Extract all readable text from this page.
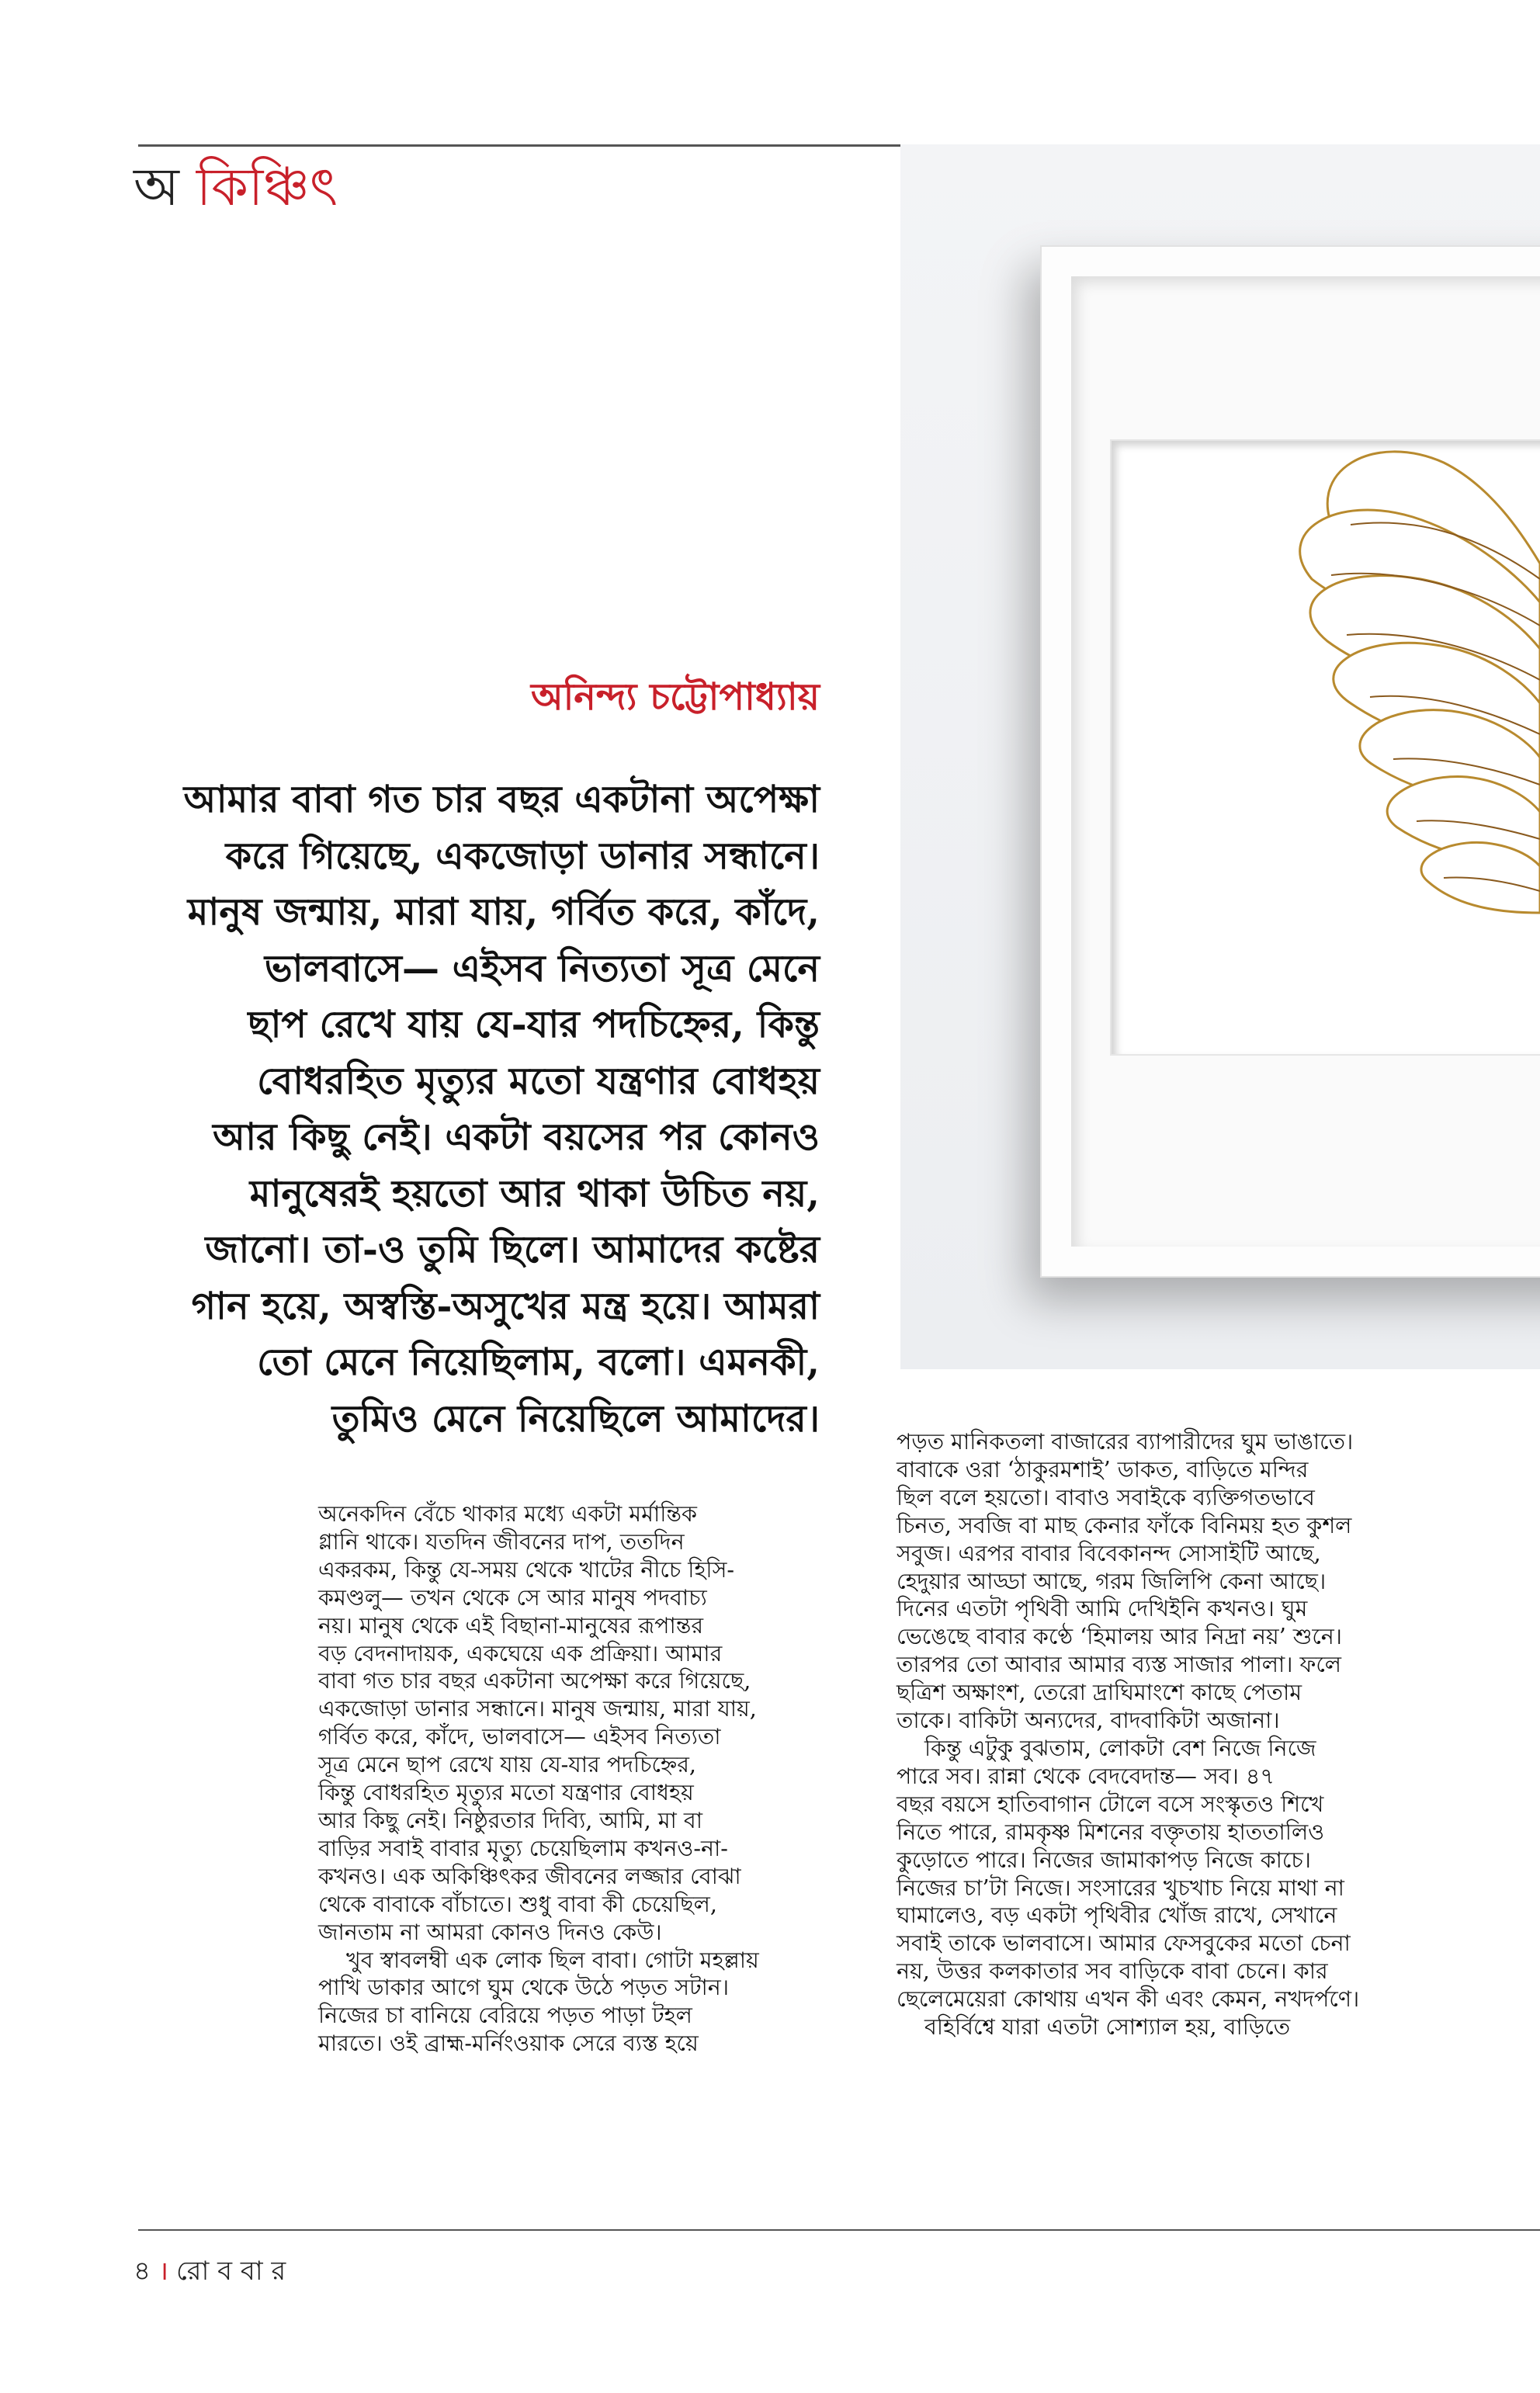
অ কিঞ্চিৎ
অনিন্দ্য চট্টোপাধ্যায়
আমার বাবা গত চার বছর একটানা অপেক্ষা
করে গিয়েছে, একজোড়া ডানার সন্ধানে।
মানুষ জন্মায়, মারা যায়, গর্বিত করে, কাঁদে,
ভালবাসে— এইসব নিত্যতা সূত্র মেনে
ছাপ রেখে যায় যে-যার পদচিহ্নের, কিন্তু
বোধরহিত মৃত্যুর মতো যন্ত্রণার বোধহয়
আর কিছু নেই। একটা বয়সের পর কোনও
মানুষেরই হয়তো আর থাকা উচিত নয়,
জানো। তা-ও তুমি ছিলে। আমাদের কষ্টের
গান হয়ে, অস্বস্তি-অসুখের মন্ত্র হয়ে। আমরা
তো মেনে নিয়েছিলাম, বলো। এমনকী,
তুমিও মেনে নিয়েছিলে আমাদের।
অনেকদিন বেঁচে থাকার মধ্যে একটা মর্মান্তিক
গ্লানি থাকে। যতদিন জীবনের দাপ, ততদিন
একরকম, কিন্তু যে-সময় থেকে খাটের নীচে হিসি-
কমণ্ডলু— তখন থেকে সে আর মানুষ পদবাচ্য
নয়। মানুষ থেকে এই বিছানা-মানুষের রূপান্তর
বড় বেদনাদায়ক, একঘেয়ে এক প্রক্রিয়া। আমার
বাবা গত চার বছর একটানা অপেক্ষা করে গিয়েছে,
একজোড়া ডানার সন্ধানে। মানুষ জন্মায়, মারা যায়,
গর্বিত করে, কাঁদে, ভালবাসে— এইসব নিত্যতা
সূত্র মেনে ছাপ রেখে যায় যে-যার পদচিহ্নের,
কিন্তু বোধরহিত মৃত্যুর মতো যন্ত্রণার বোধহয়
আর কিছু নেই। নিষ্ঠুরতার দিব্যি, আমি, মা বা
বাড়ির সবাই বাবার মৃত্যু চেয়েছিলাম কখনও-না-
কখনও। এক অকিঞ্চিৎকর জীবনের লজ্জার বোঝা
থেকে বাবাকে বাঁচাতে। শুধু বাবা কী চেয়েছিল,
জানতাম না আমরা কোনও দিনও কেউ।
খুব স্বাবলম্বী এক লোক ছিল বাবা। গোটা মহল্লায়
পাখি ডাকার আগে ঘুম থেকে উঠে পড়ত সটান।
নিজের চা বানিয়ে বেরিয়ে পড়ত পাড়া টহল
মারতে। ওই ব্রাহ্ম-মর্নিংওয়াক সেরে ব্যস্ত হয়ে
পড়ত মানিকতলা বাজারের ব্যাপারীদের ঘুম ভাঙাতে।
বাবাকে ওরা ‘ঠাকুরমশাই’ ডাকত, বাড়িতে মন্দির
ছিল বলে হয়তো। বাবাও সবাইকে ব্যক্তিগতভাবে
চিনত, সবজি বা মাছ কেনার ফাঁকে বিনিময় হত কুশল
সবুজ। এরপর বাবার বিবেকানন্দ সোসাইটি আছে,
হেদুয়ার আড্ডা আছে, গরম জিলিপি কেনা আছে।
দিনের এতটা পৃথিবী আমি দেখিইনি কখনও। ঘুম
ভেঙেছে বাবার কণ্ঠে ‘হিমালয় আর নিদ্রা নয়’ শুনে।
তারপর তো আবার আমার ব্যস্ত সাজার পালা। ফলে
ছত্রিশ অক্ষাংশ, তেরো দ্রাঘিমাংশে কাছে পেতাম
তাকে। বাকিটা অন্যদের, বাদবাকিটা অজানা।
কিন্তু এটুকু বুঝতাম, লোকটা বেশ নিজে নিজে
পারে সব। রান্না থেকে বেদবেদান্ত— সব। ৪৭
বছর বয়সে হাতিবাগান টোলে বসে সংস্কৃতও শিখে
নিতে পারে, রামকৃষ্ণ মিশনের বক্তৃতায় হাততালিও
কুড়োতে পারে। নিজের জামাকাপড় নিজে কাচে।
নিজের চা’টা নিজে। সংসারের খুচখাচ নিয়ে মাথা না
ঘামালেও, বড় একটা পৃথিবীর খোঁজ রাখে, সেখানে
সবাই তাকে ভালবাসে। আমার ফেসবুকের মতো চেনা
নয়, উত্তর কলকাতার সব বাড়িকে বাবা চেনে। কার
ছেলেমেয়েরা কোথায় এখন কী এবং কেমন, নখদর্পণে।
বহির্বিশ্বে যারা এতটা সোশ্যাল হয়, বাড়িতে
৪ । রো ব বা র
